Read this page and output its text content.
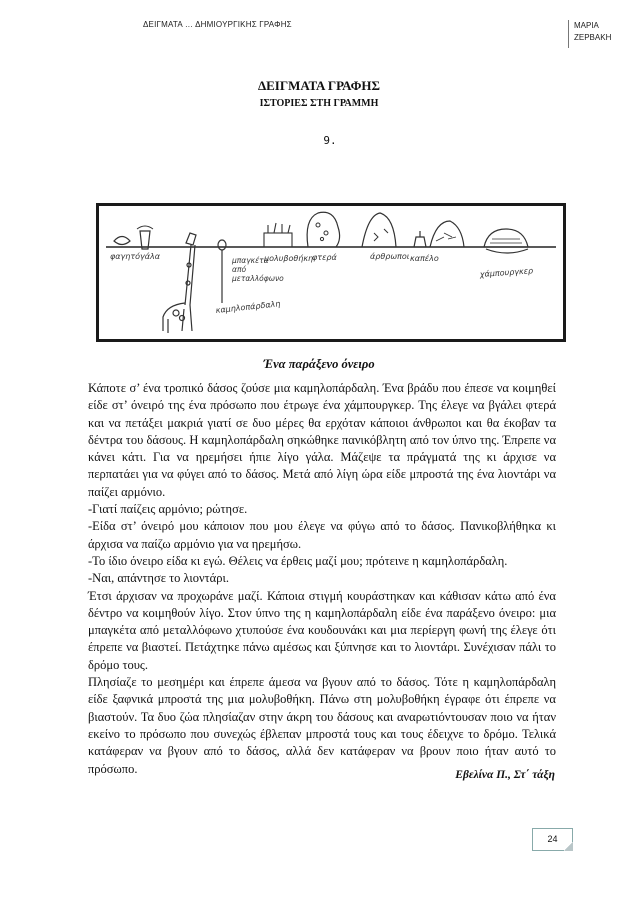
ΔΕΙΓΜΑΤΑ … ΔΗΜΙΟΥΡΓΙΚΗΣ ΓΡΑΦΗΣ	ΜΑΡΙΑ
ΖΕΡΒΑΚΗ
ΔΕΙΓΜΑΤΑ ΓΡΑΦΗΣ
ΙΣΤΟΡΙΕΣ ΣΤΗ ΓΡΑΜΜΗ
9.
φαγητό γάλα	μπαγκέτα
από
μεταλλόφωνο
μολυβοθήκη
φτερά	άρθρωποι καπέλο
χάμπουργκερ
καμηλοπάρδαλη
Ένα παράξενο όνειρο

Κάποτε σ’ ένα τροπικό δάσος ζούσε μια καμηλοπάρδαλη. Ένα βράδυ που έπεσε να κοιμηθεί είδε στ’ όνειρό της ένα πρόσωπο που έτρωγε ένα χάμπουργκερ. Της έλεγε να βγάλει φτερά και να πετάξει μακριά γιατί σε δυο μέρες θα ερχόταν κάποιοι άνθρωποι και θα έκοβαν τα δέντρα του δάσους. Η καμηλοπάρδαλη σηκώθηκε πανικόβλητη από τον ύπνο της. Έπρεπε να κάνει κάτι. Για να ηρεμήσει ήπιε λίγο γάλα. Μάζεψε τα πράγματά της κι άρχισε να περπατάει για να φύγει από το δάσος. Μετά από λίγη ώρα είδε μπροστά της ένα λιοντάρι να παίζει αρμόνιο.

-Γιατί παίζεις αρμόνιο; ρώτησε.

-Είδα στ’ όνειρό μου κάποιον που μου έλεγε να φύγω από το δάσος. Πανικοβλήθηκα κι άρχισα να παίζω αρμόνιο για να ηρεμήσω.

-Το ίδιο όνειρο είδα κι εγώ. Θέλεις να έρθεις μαζί μου; πρότεινε η καμηλοπάρδαλη.

-Ναι, απάντησε το λιοντάρι.

Έτσι άρχισαν να προχωράνε μαζί. Κάποια στιγμή κουράστηκαν και κάθισαν κάτω από ένα δέντρο να κοιμηθούν λίγο. Στον ύπνο της η καμηλοπάρδαλη είδε ένα παράξενο όνειρο: μια μπαγκέτα από μεταλλόφωνο χτυπούσε ένα κουδουνάκι και μια περίεργη φωνή της έλεγε ότι έπρεπε να βιαστεί. Πετάχτηκε πάνω αμέσως και ξύπνησε και το λιοντάρι. Συνέχισαν πάλι το δρόμο τους.

Πλησίαζε το μεσημέρι και έπρεπε άμεσα να βγουν από το δάσος. Τότε η καμηλοπάρδαλη είδε ξαφνικά μπροστά της μια μολυβοθήκη. Πάνω στη μολυβοθήκη έγραφε ότι έπρεπε να βιαστούν. Τα δυο ζώα πλησίαζαν στην άκρη του δάσους και αναρωτιόντουσαν ποιο να ήταν εκείνο το πρόσωπο που συνεχώς έβλεπαν μπροστά τους και τους έδειχνε το δρόμο. Τελικά κατάφεραν να βγουν από το δάσος, αλλά δεν κατάφεραν να βρουν ποιο ήταν αυτό το πρόσωπο.	Εβελίνα Π., Στ΄ τάξη
24
